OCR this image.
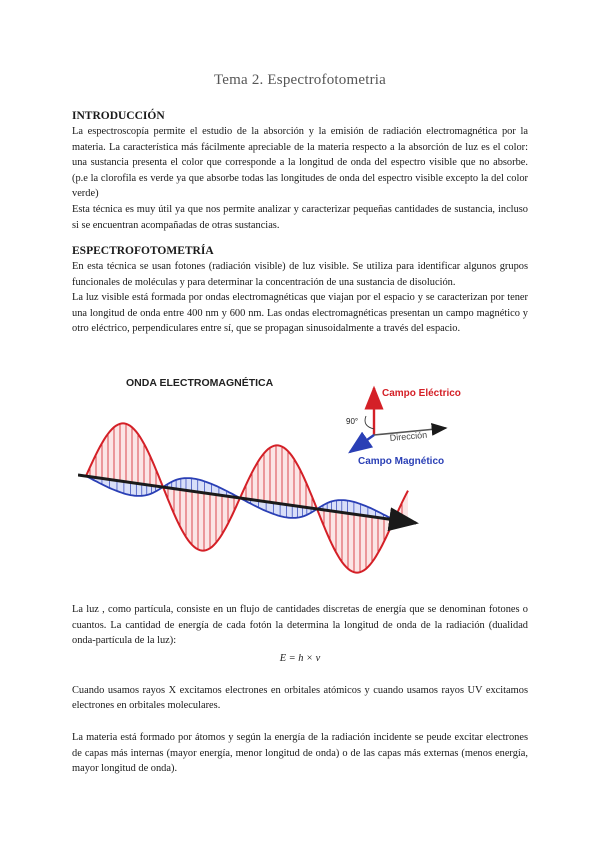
Tema 2. Espectrofotometria

INTRODUCCIÓN

La espectroscopía permite el estudio de la absorción y la emisión de radiación electromagnética por la materia. La característica más fácilmente apreciable de la materia respecto a la absorción de luz es el color: una sustancia presenta el color que corresponde a la longitud de onda del espectro visible que no absorbe. (p.e la clorofila es verde ya que absorbe todas las longitudes de onda del espectro visible excepto la del color verde)

Esta técnica es muy útil ya que nos permite analizar y caracterizar pequeñas cantidades de sustancia, incluso si se encuentran acompañadas de otras sustancias.

ESPECTROFOTOMETRÍA

En esta técnica se usan fotones (radiación visible) de luz visible. Se utiliza para identificar algunos grupos funcionales de moléculas y para determinar la concentración de una sustancia de disolución.

La luz visible está formada por ondas electromagnéticas que viajan por el espacio y se caracterizan por tener una longitud de onda entre 400 nm y 600 nm. Las ondas electromagnéticas presentan un campo magnético y otro eléctrico, perpendiculares entre sí, que se propagan sinusoidalmente a través del espacio.

ONDA ELECTROMAGNÉTICA
Campo Eléctrico
Campo Magnético
Dirección
90°

La luz , como partícula, consiste en un flujo de cantidades discretas de energía que se denominan fotones o cuantos. La cantidad de energía de cada fotón la determina la longitud de onda de la radiación (dualidad onda-partícula de la luz):

E = h × ν

Cuando usamos rayos X excitamos electrones en orbitales atómicos y cuando usamos rayos UV excitamos electrones en orbitales moleculares.

La materia está formado por átomos y según la energía de la radiación incidente se peude excitar electrones de capas más internas (mayor energía, menor longitud de onda) o de las capas más externas (menos energía, mayor longitud de onda).
